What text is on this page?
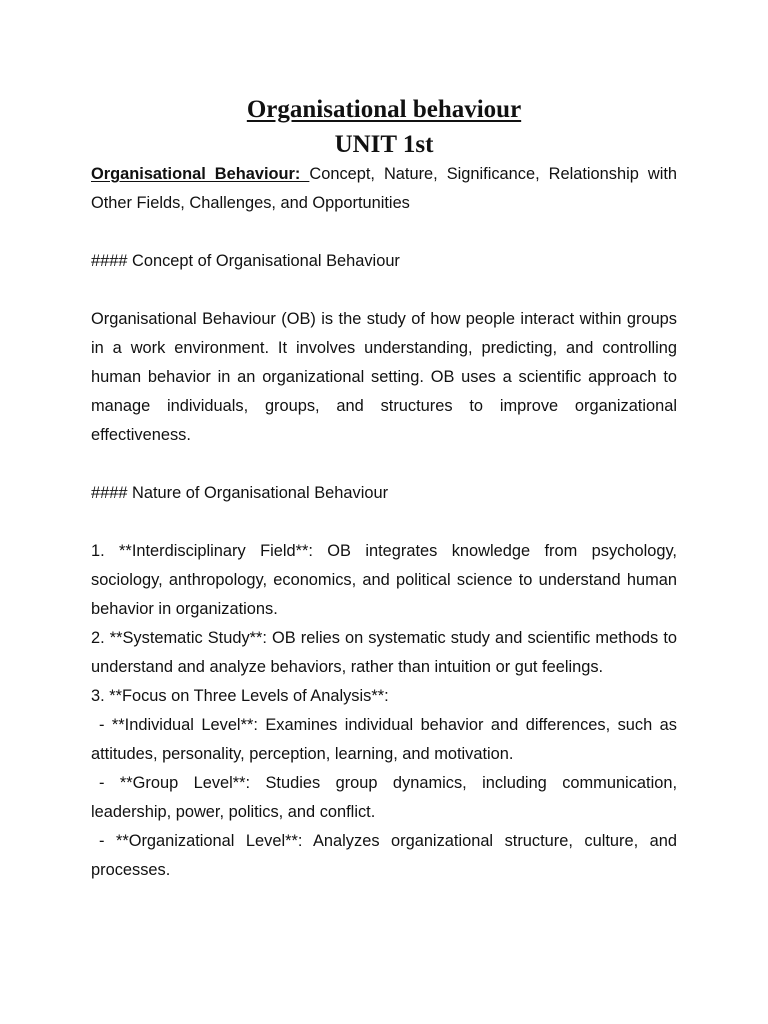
Organisational behaviour
UNIT 1st

Organisational Behaviour: Concept, Nature, Significance, Relationship with Other Fields, Challenges, and Opportunities

#### Concept of Organisational Behaviour

Organisational Behaviour (OB) is the study of how people interact within groups in a work environment. It involves understanding, predicting, and controlling human behavior in an organizational setting. OB uses a scientific approach to manage individuals, groups, and structures to improve organizational effectiveness.

#### Nature of Organisational Behaviour

1. **Interdisciplinary Field**: OB integrates knowledge from psychology, sociology, anthropology, economics, and political science to understand human behavior in organizations.

2. **Systematic Study**: OB relies on systematic study and scientific methods to understand and analyze behaviors, rather than intuition or gut feelings.

3. **Focus on Three Levels of Analysis**:

- **Individual Level**: Examines individual behavior and differences, such as attitudes, personality, perception, learning, and motivation.

- **Group Level**: Studies group dynamics, including communication, leadership, power, politics, and conflict.

- **Organizational Level**: Analyzes organizational structure, culture, and processes.
